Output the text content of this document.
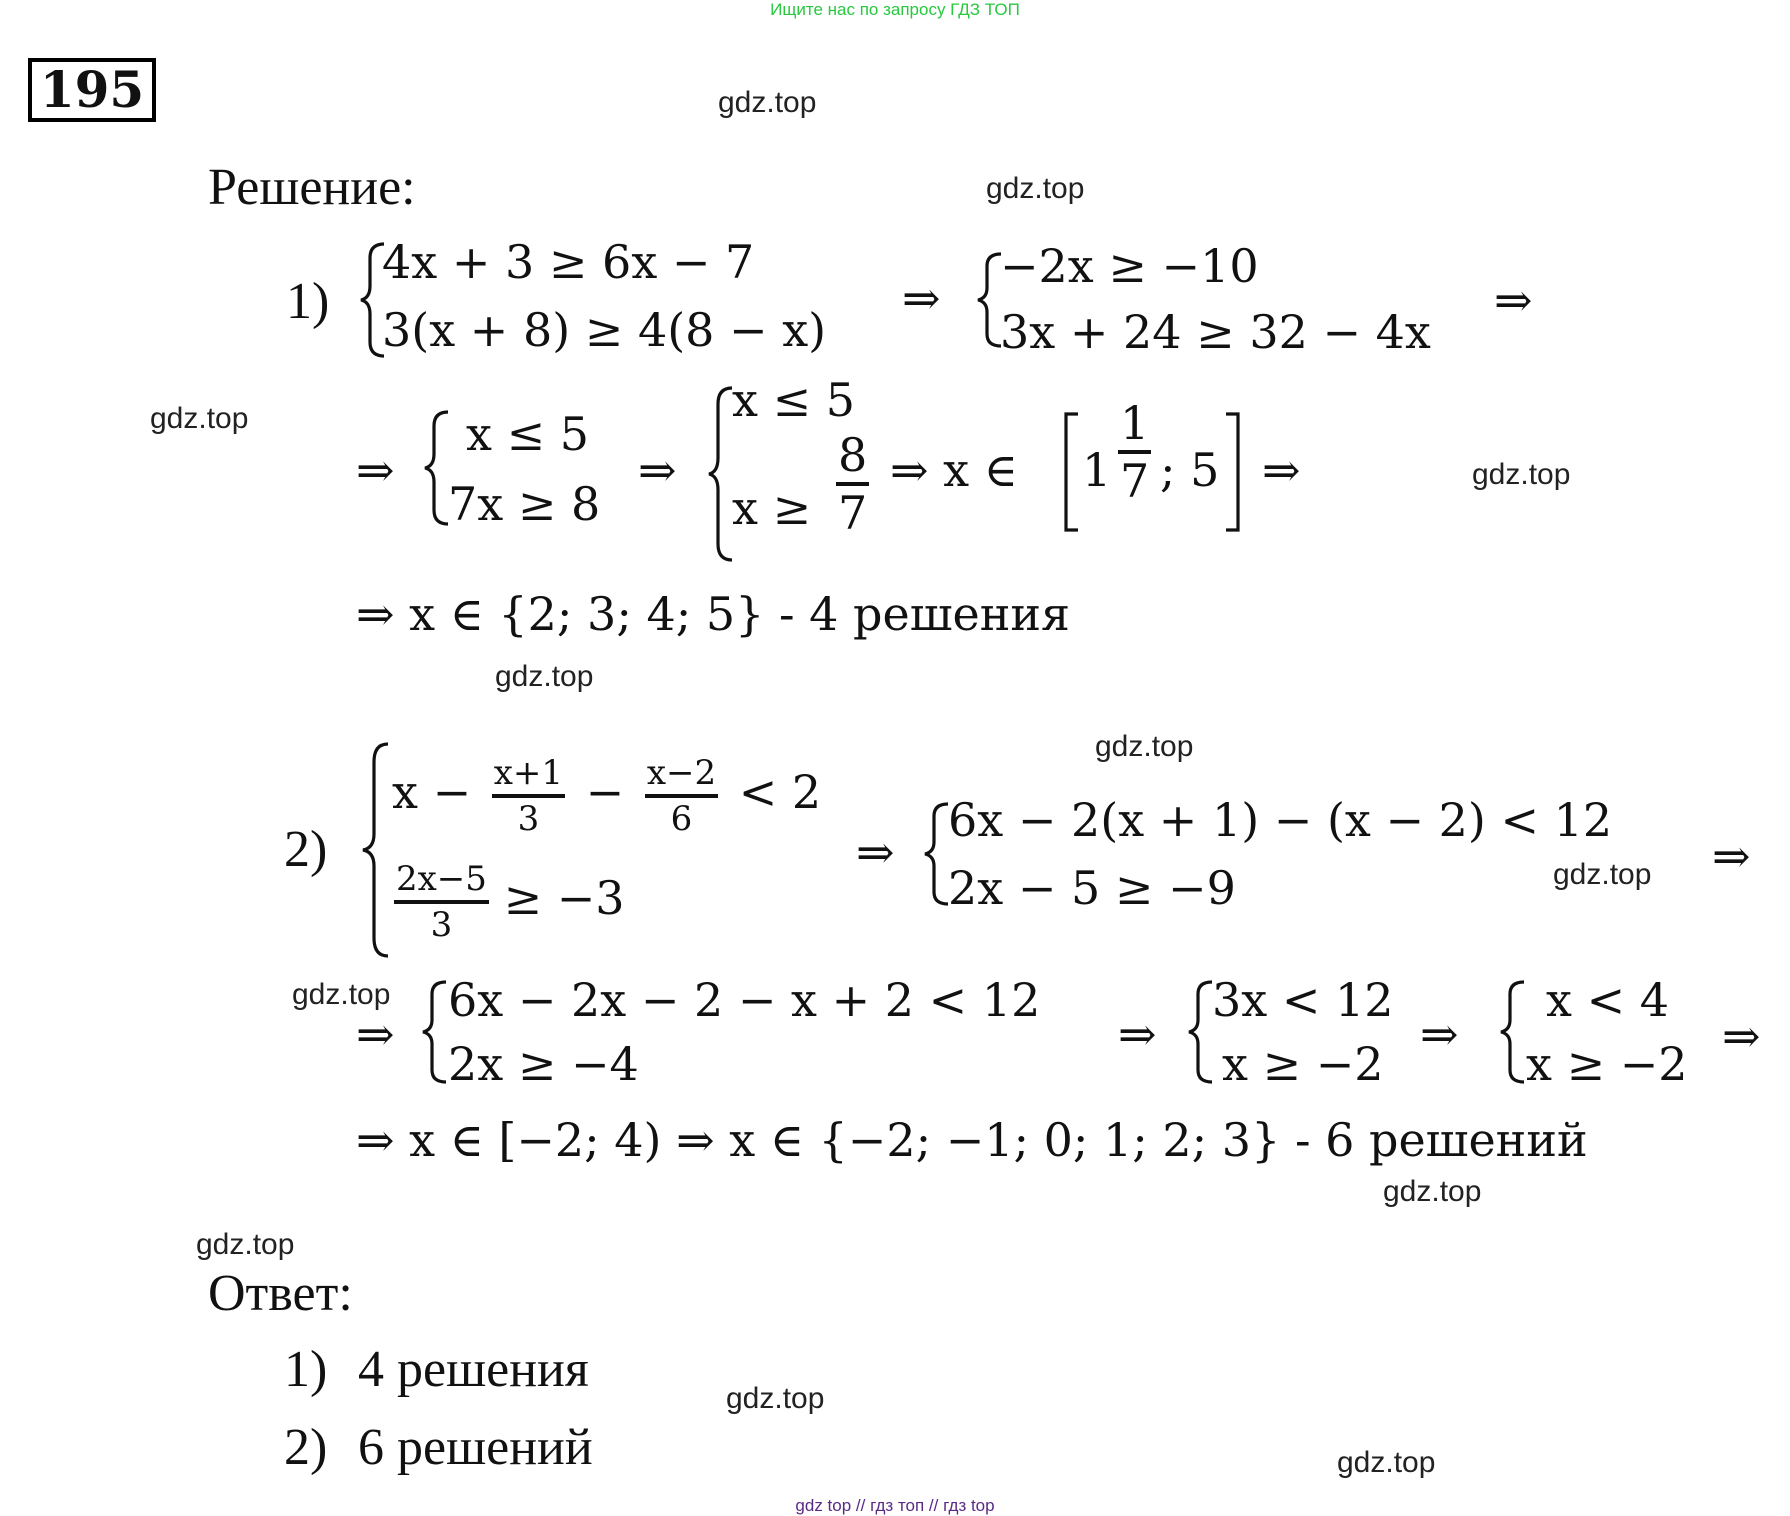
Ищите нас по запросу ГДЗ ТОП
gdz top // гдз топ // гдз top
195	gdz.top
gdz.top
gdz.top
gdz.top
gdz.top
gdz.top
gdz.top
gdz.top
gdz.top
gdz.top
gdz.top
gdz.top
Решение:
1)
4x + 3 ≥ 6x − 7
3(x + 8) ≥ 4(8 − x)
⇒
−2x ≥ −10
3x + 24 ≥ 32 − 4x
⇒
⇒
x ≤ 5
7x ≥ 8
⇒
x ≤ 5
$x \ge \frac{8}{7}$ ⇒ x ∈ $1 \frac{1}{7}$ ; 5 ⇒
⇒ x ∈ {2; 3; 4; 5} - 4 решения
2)
$x - \frac{x+1}{3} - \frac{x-2}{6} < 2$
$\frac{2x-5}{3} \ge -3$
⇒
6x − 2(x + 1) − (x − 2) < 12
2x − 5 ≥ −9
⇒
⇒
6x − 2x − 2 − x + 2 < 12
2x ≥ −4
⇒
3x < 12
x ≥ −2
⇒
x < 4
x ≥ −2
⇒
⇒ x ∈ [−2; 4) ⇒ x ∈ {−2; −1; 0; 1; 2; 3} - 6 решений
Ответ:
1) 4 решения
2) 6 решений
